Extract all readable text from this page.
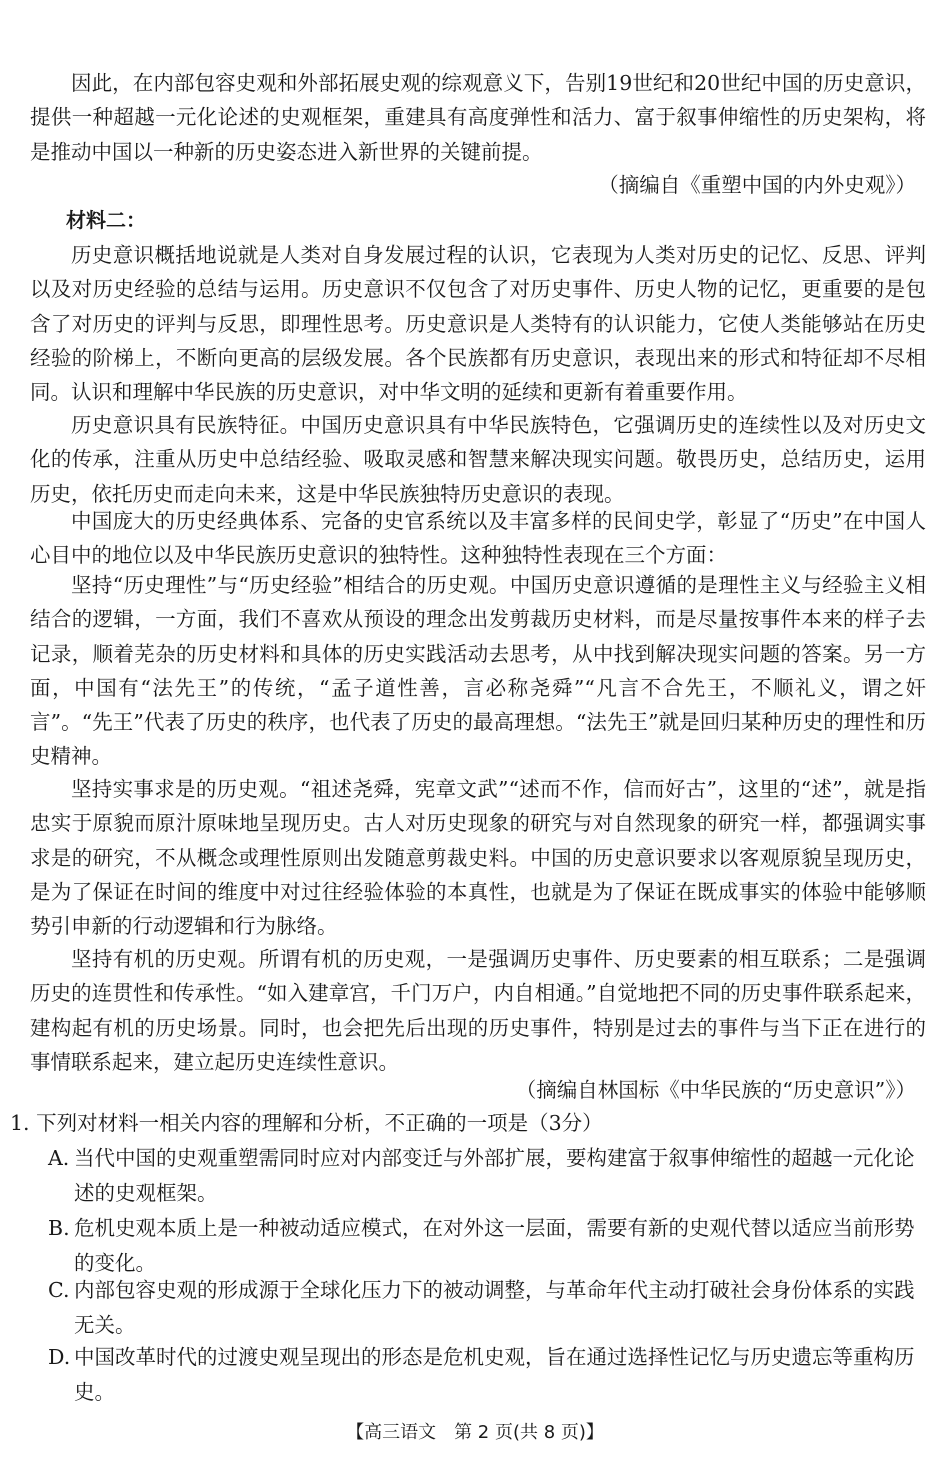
因此，在内部包容史观和外部拓展史观的综观意义下，告别19世纪和20世纪中国的历史意识，提供一种超越一元化论述的史观框架，重建具有高度弹性和活力、富于叙事伸缩性的历史架构，将是推动中国以一种新的历史姿态进入新世界的关键前提。

（摘编自《重塑中国的内外史观》）

材料二：

历史意识概括地说就是人类对自身发展过程的认识，它表现为人类对历史的记忆、反思、评判以及对历史经验的总结与运用。历史意识不仅包含了对历史事件、历史人物的记忆，更重要的是包含了对历史的评判与反思，即理性思考。历史意识是人类特有的认识能力，它使人类能够站在历史经验的阶梯上，不断向更高的层级发展。各个民族都有历史意识，表现出来的形式和特征却不尽相同。认识和理解中华民族的历史意识，对中华文明的延续和更新有着重要作用。

历史意识具有民族特征。中国历史意识具有中华民族特色，它强调历史的连续性以及对历史文化的传承，注重从历史中总结经验、吸取灵感和智慧来解决现实问题。敬畏历史，总结历史，运用历史，依托历史而走向未来，这是中华民族独特历史意识的表现。

中国庞大的历史经典体系、完备的史官系统以及丰富多样的民间史学，彰显了“历史”在中国人心目中的地位以及中华民族历史意识的独特性。这种独特性表现在三个方面：

坚持“历史理性”与“历史经验”相结合的历史观。中国历史意识遵循的是理性主义与经验主义相结合的逻辑，一方面，我们不喜欢从预设的理念出发剪裁历史材料，而是尽量按事件本来的样子去记录，顺着芜杂的历史材料和具体的历史实践活动去思考，从中找到解决现实问题的答案。另一方面，中国有“法先王”的传统，“孟子道性善，言必称尧舜”“凡言不合先王，不顺礼义，谓之奸言”。“先王”代表了历史的秩序，也代表了历史的最高理想。“法先王”就是回归某种历史的理性和历史精神。

坚持实事求是的历史观。“祖述尧舜，宪章文武”“述而不作，信而好古”，这里的“述”，就是指忠实于原貌而原汁原味地呈现历史。古人对历史现象的研究与对自然现象的研究一样，都强调实事求是的研究，不从概念或理性原则出发随意剪裁史料。中国的历史意识要求以客观原貌呈现历史，是为了保证在时间的维度中对过往经验体验的本真性，也就是为了保证在既成事实的体验中能够顺势引申新的行动逻辑和行为脉络。

坚持有机的历史观。所谓有机的历史观，一是强调历史事件、历史要素的相互联系；二是强调历史的连贯性和传承性。“如入建章宫，千门万户，内自相通。”自觉地把不同的历史事件联系起来，建构起有机的历史场景。同时，也会把先后出现的历史事件，特别是过去的事件与当下正在进行的事情联系起来，建立起历史连续性意识。

（摘编自林国标《中华民族的“历史意识”》）

1. 下列对材料一相关内容的理解和分析，不正确的一项是（3分）

A. 当代中国的史观重塑需同时应对内部变迁与外部扩展，要构建富于叙事伸缩性的超越一元化论述的史观框架。
B. 危机史观本质上是一种被动适应模式，在对外这一层面，需要有新的史观代替以适应当前形势的变化。
C. 内部包容史观的形成源于全球化压力下的被动调整，与革命年代主动打破社会身份体系的实践无关。
D. 中国改革时代的过渡史观呈现出的形态是危机史观，旨在通过选择性记忆与历史遗忘等重构历史。
【高三语文　第 2 页(共 8 页)】
